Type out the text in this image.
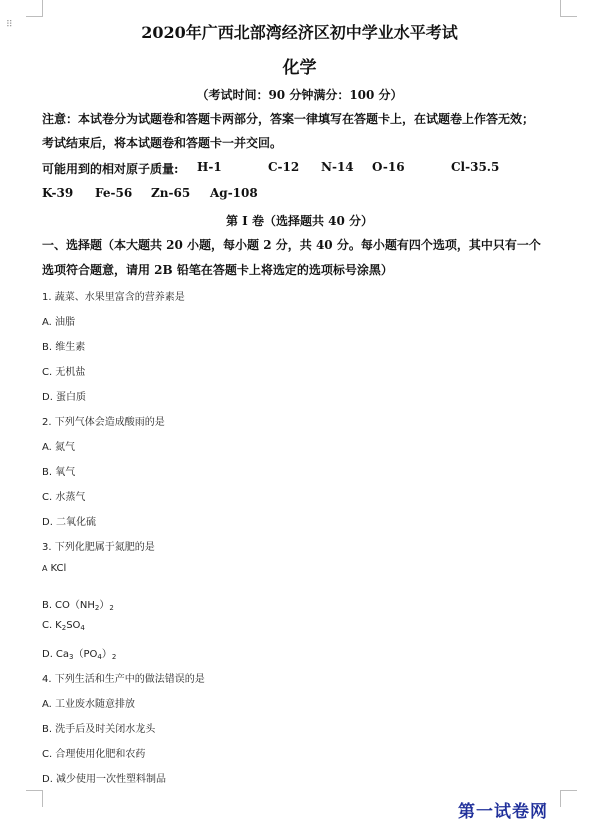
⠿	2020年广西北部湾经济区初中学业水平考试
化学
（考试时间：90 分钟满分：100 分）
注意：本试卷分为试题卷和答题卡两部分，答案一律填写在答题卡上，在试题卷上作答无效；
考试结束后，将本试题卷和答题卡一并交回。
可能用到的相对原子质量: H-1	C-12 N-14 O-16	Cl-35.5
K-39 Fe-56 Zn-65 Ag-108
第 I 卷（选择题共 40 分）
一、选择题（本大题共 20 小题，每小题 2 分，共 40 分。每小题有四个选项，其中只有一个
选项符合题意，请用 2B 铅笔在答题卡上将选定的选项标号涂黑）
1. 蔬菜、水果里富含的营养素是
A. 油脂
B. 维生素
C. 无机盐
D. 蛋白质
2. 下列气体会造成酸雨的是
A. 氮气
B. 氧气
C. 水蒸气
D. 二氧化硫
3. 下列化肥属于氮肥的是
A KCl
B. $CO(NH_2)_2$
C. $K_2SO_4$
D. $Ca_3(PO_4)_2$
4. 下列生活和生产中的做法错误的是
A. 工业废水随意排放
B. 洗手后及时关闭水龙头
C. 合理使用化肥和农药
D. 减少使用一次性塑料制品
第一试卷网
